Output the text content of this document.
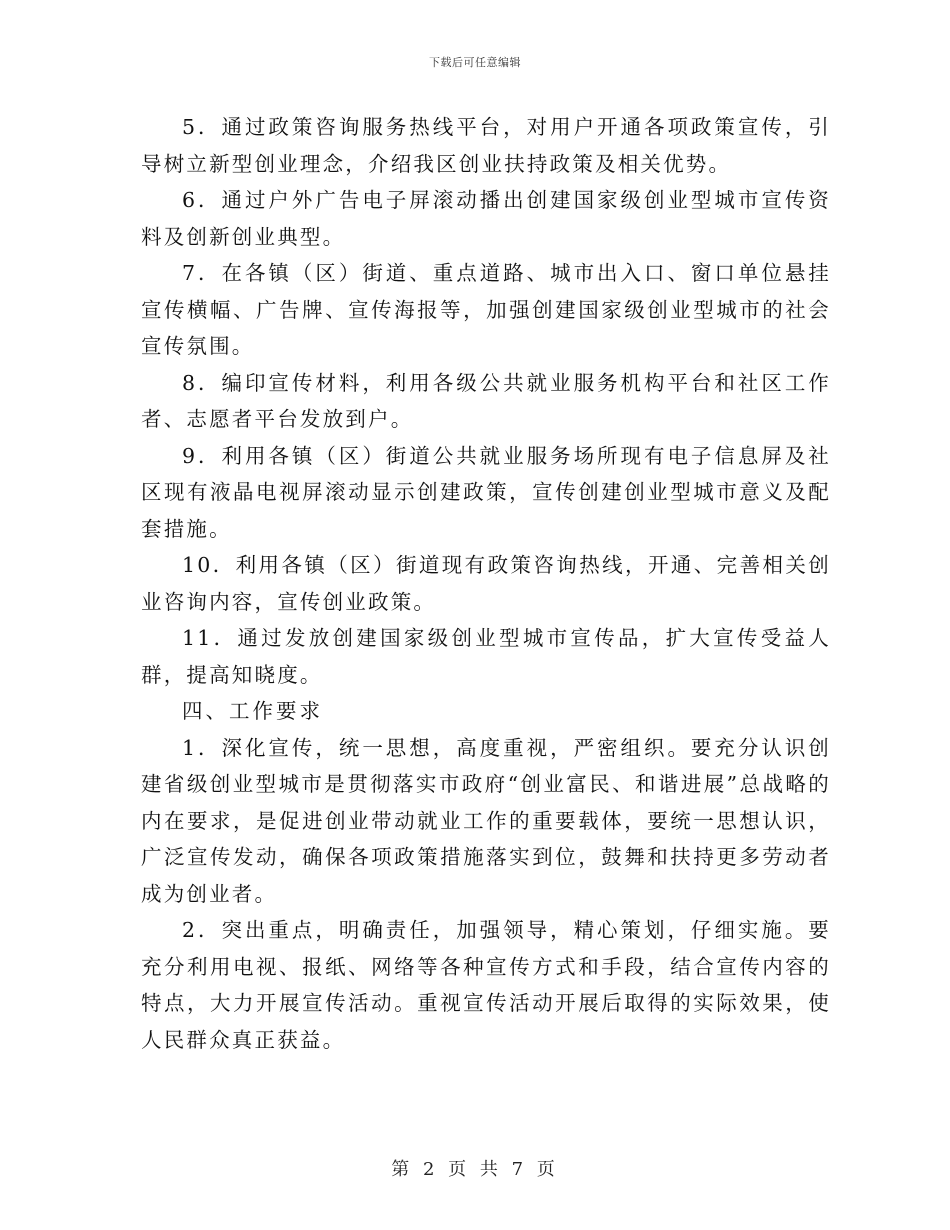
下载后可任意编辑

5．通过政策咨询服务热线平台，对用户开通各项政策宣传，引导树立新型创业理念，介绍我区创业扶持政策及相关优势。

6．通过户外广告电子屏滚动播出创建国家级创业型城市宣传资料及创新创业典型。

7．在各镇（区）街道、重点道路、城市出入口、窗口单位悬挂宣传横幅、广告牌、宣传海报等，加强创建国家级创业型城市的社会宣传氛围。

8．编印宣传材料，利用各级公共就业服务机构平台和社区工作者、志愿者平台发放到户。

9．利用各镇（区）街道公共就业服务场所现有电子信息屏及社区现有液晶电视屏滚动显示创建政策，宣传创建创业型城市意义及配套措施。

10．利用各镇（区）街道现有政策咨询热线，开通、完善相关创业咨询内容，宣传创业政策。

11．通过发放创建国家级创业型城市宣传品，扩大宣传受益人群，提高知晓度。

四、工作要求

1．深化宣传，统一思想，高度重视，严密组织。要充分认识创建省级创业型城市是贯彻落实市政府“创业富民、和谐进展”总战略的内在要求，是促进创业带动就业工作的重要载体，要统一思想认识，广泛宣传发动，确保各项政策措施落实到位，鼓舞和扶持更多劳动者成为创业者。

2．突出重点，明确责任，加强领导，精心策划，仔细实施。要充分利用电视、报纸、网络等各种宣传方式和手段，结合宣传内容的特点，大力开展宣传活动。重视宣传活动开展后取得的实际效果，使人民群众真正获益。

第 2 页 共 7 页
